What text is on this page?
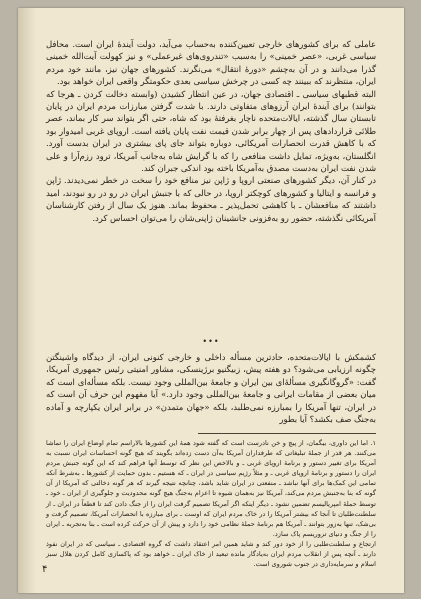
عاملی که برای کشورهای خارجی تعیین‌کننده به‌حساب می‌آید، دولت آیندهٔ ایران است. محافل سیاسی غربی، «عصر خمینی» را به‌سبب «تندروی‌های غیرعملی» و نیز کهولت آیت‌الله خمینی گذرا می‌دانند و در آن به‌چشم «دورهٔ انتقال» می‌نگرند. کشورهای جهان نیز، مانند خود مردم ایران، منتظرند که ببینند چه کسی در چرخش سیاسی بعدی حکومتگر واقعی ایران خواهد بود.

البته قطبهای سیاسی ـ اقتصادی جهان، در عین انتظار کشیدن (وابسته دخالت کردن ـ هرجا که بتوانند) برای آیندهٔ ایران آرزوهای متفاوتی دارند. با شدت گرفتن مبارزات مردم ایران در پایان تابستان سال گذشته، ایالات‌متحده ناچار بغرفتهٔ بود که شاه، حتی اگر بتواند سر کار بماند، عصر طلائی قراردادهای پس از چهار برابر شدن قیمت نفت پایان یافته است. اروپای غربی امیدوار بود که با کاهش قدرت انحصارات آمریکائی، دوباره بتواند جای پای بیشتری در ایران بدست آورد. انگلستان، به‌ویژه، تمایل داشت منافعی را که با گرایش شاه به‌جانب آمریکا، ترود رزم‌آرا و علی شدن نفت ایران به‌دست مصدق به‌آمریکا باخته بود اندکی جبران کند.

در کنار آن، دیگر کشورهای صنعتی اروپا و ژاپن نیز منافع خود را سخت در خطر نمی‌دیدند. ژاپن و فرانسه و ایتالیا و کشورهای کوچکتر اروپا، در حالی که با جنبش ایران در رو در رو نبودند، امید داشتند که منافعشان ـ با کاهشی تحمل‌پذیر ـ محفوظ بماند. هنوز یک سال از رفتن کارشناسان آمریکائی نگذشته، حضور رو به‌فزونی جانشینان ژاپنی‌شان را می‌توان احساس کرد.

•••

کشمکش با ایالات‌متحده، حادترین مسأله داخلی و خارجی کنونی ایران، از دیدگاه واشینگتن چگونه ارزیابی می‌شود؟ دو هفته پیش، زبیگنیو برژینسکی، مشاور امنیتی رئیس جمهوری آمریکا، گفت: «گروگانگیری مسألهٔ‌ای بین ایران و جامعهٔ بین‌المللی وجود نیست. بلکه مسأله‌ای است که میان بعضی از مقامات ایرانی و جامعهٔ بین‌المللی وجود دارد.» آیا مفهوم این حرف آن است که در ایران، تنها آمریکا را بمبارزه نمی‌طلبد، بلکه «جهان متمدن» در برابر ایران یکپارچه و آماده به‌جنگ صف بکشد؟ آیا بطور

۱. اما این داوری، بیگمان، از پیچ و خن نادرست است که گفته شود همهٔ این کشورها بالاراسم تمام اوضاع ایران را تماشا می‌کنند. هر قدر از جملهٔ تبلیغاتی که طرفداران آمریکا به‌آن دست زده‌اند بگویند که هیچ گونه احساسات ایران نسبت به آمریکا برای تغییر دستور و برنامهٔ اروپای غربی ـ و بالاخص این نظر که توسط آنها فراهم کند که این گونه جنبش مردم ایران را دستور و برنامهٔ اروپای غربی ـ و مثلاً رژیم سیاسی در ایران ـ که هستیم ـ بدون حمایت از کشورها ـ به‌شرط آنکه تمامی این کمک‌ها برای آنها نباشد ـ منفعتی در ایران شاید باشد، چنانچه نتیجه گیرند که هر گونه دخالتی که آمریکا از آن گونه که بنا به‌جنبش مردم می‌کند، آمریکا نیز به‌همان شیوه تا اعزام به‌جنگ هیچ‌ گونه محدودیت و جلوگیری از ایران ـ خود ـ توسط حملهٔ امپریالیسم تضمین نشود ـ دیگر اینکه اگر آمریکا تصمیم گرفت ایران را از جنگ دادن کند تا قطعاً در ایران ـ از سلطنت‌طلبان تا آنجا که بیشتر آمریکا را در خاک مردم ایران که اوست ـ برای مبارزه با انحصارات آمریکا، تصمیم گرفت و بی‌شک، تنها به‌زور بتوانند ـ آمریکا هم برنامهٔ حملهٔ نظامی خود را دارد و پیش از آن حرکت کرده است ـ بنا به‌تجربه ـ ایران را از جنگ و دنیای تروریسم پاک سازد.

ارتجاع و سلطنت‌طلبی را از خود دور کند و شاید همین امر اعتقاد داشت که گروه اقتصادی ـ سیاسی که در ایران نفوذ دارند ـ آنچه پس از انقلاب مردم ایران به‌یادگار مانده تبعید از خاک ایران ـ خواهد بود که پاکسازی کامل کردن هلال سبز اسلام و سرمایه‌داری در جنوب شوروی است.

۴
